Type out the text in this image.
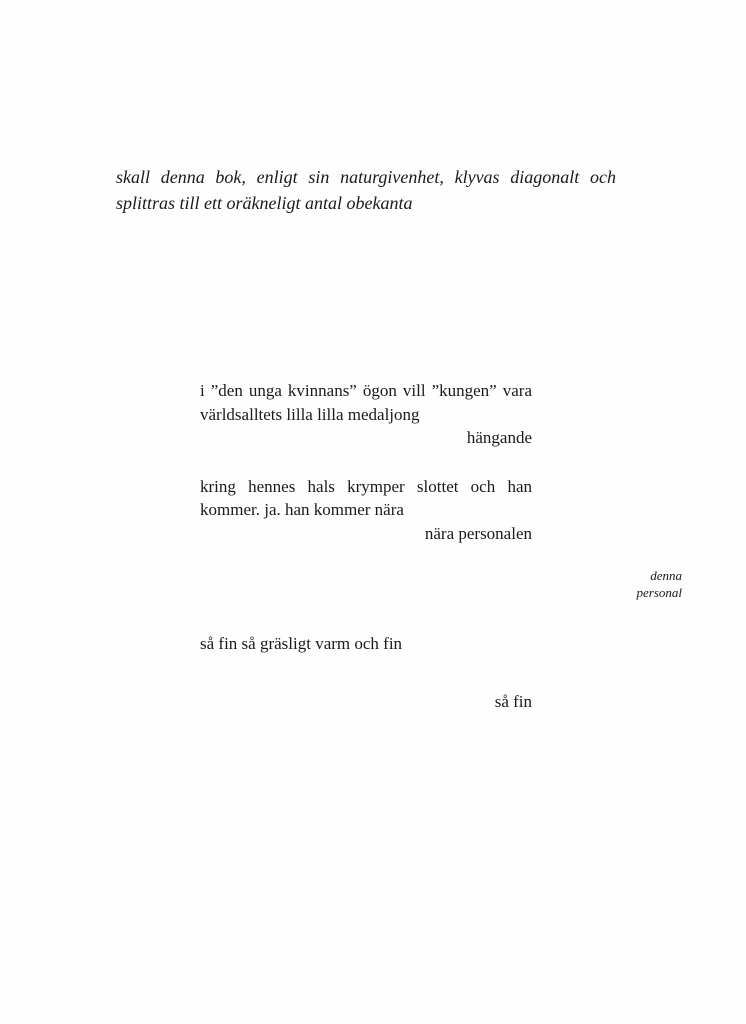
skall denna bok, enligt sin naturgivenhet, klyvas diagonalt och

splittras till ett oräkneligt antal obekanta

i ”den unga kvinnans” ögon vill ”kungen” vara

världsalltets lilla lilla medaljong

hängande

kring hennes hals krymper slottet och han

kommer. ja. han kommer nära

nära personalen

denna

personal

så fin så gräsligt varm och fin

så fin
